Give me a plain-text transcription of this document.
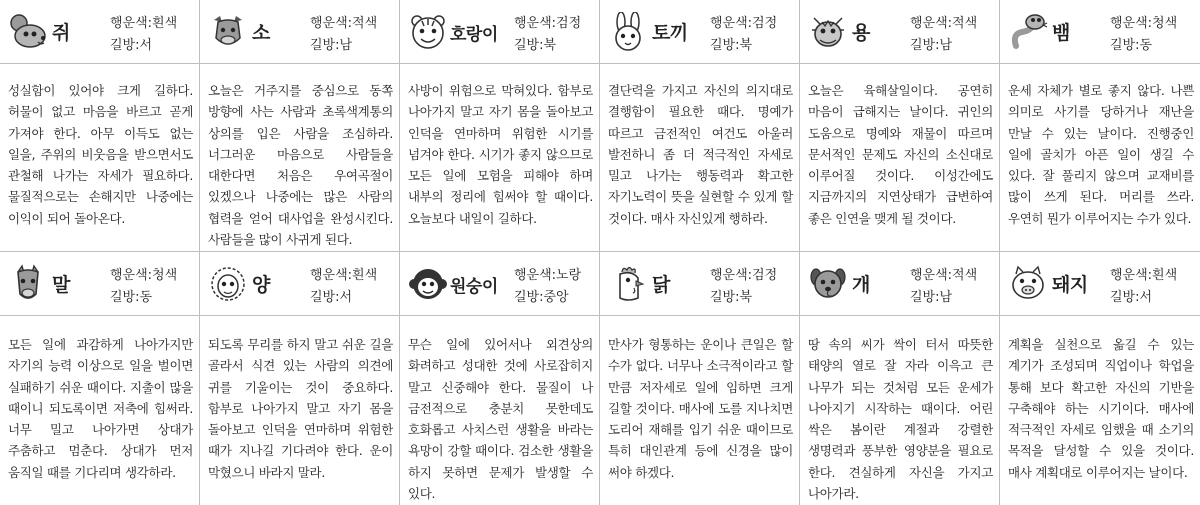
쥐	행운색:흰색
길방:서
성실함이 있어야 크게 길하다. 허물이 없고 마음을 바르고 곧게 가져야 한다. 아무 이득도 없는 일을, 주위의 비웃음을 받으면서도 관철해 나가는 자세가 필요하다. 물질적으로는 손해지만 나중에는 이익이 되어 돌아온다.
소	행운색:적색
길방:남
오늘은 거주지를 중심으로 동쪽 방향에 사는 사람과 초록색계통의 상의를 입은 사람을 조심하라. 너그러운 마음으로 사람들을 대한다면 처음은 우여곡절이 있겠으나 나중에는 많은 사람의 협력을 얻어 대사업을 완성시킨다. 사람들을 많이 사귀게 된다.
호랑이
행운색:검정
길방:북
사방이 위험으로 막혀있다. 함부로 나아가지 말고 자기 몸을 돌아보고 인덕을 연마하며 위험한 시기를 넘겨야 한다. 시기가 좋지 않으므로 모든 일에 모험을 피해야 하며 내부의 정리에 힘써야 할 때이다. 오늘보다 내일이 길하다.
토끼 행운색:검정
길방:북
결단력을 가지고 자신의 의지대로 결행함이 필요한 때다. 명예가 따르고 금전적인 여건도 아울러 발전하니 좀 더 적극적인 자세로 밀고 나가는 행동력과 확고한 자기노력이 뜻을 실현할 수 있게 할 것이다. 매사 자신있게 행하라.
용	행운색:적색
길방:남
오늘은 육해살일이다. 공연히 마음이 급해지는 날이다. 귀인의 도움으로 명예와 재물이 따르며 문서적인 문제도 자신의 소신대로 이루어질 것이다. 이성간에도 지금까지의 지연상태가 급변하여 좋은 인연을 맺게 될 것이다.
뱀	행운색:청색
길방:동
운세 자체가 별로 좋지 않다. 나쁜 의미로 사기를 당하거나 재난을 만날 수 있는 날이다. 진행중인 일에 골치가 아픈 일이 생길 수 있다. 잘 풀리지 않으며 교재비를 많이 쓰게 된다. 머리를 쓰라. 우연히 뭔가 이루어지는 수가 있다.
말	행운색:청색
길방:동
모든 일에 과감하게 나아가지만 자기의 능력 이상으로 일을 벌이면 실패하기 쉬운 때이다. 지출이 많을 때이니 되도록이면 저축에 힘써라. 너무 밀고 나아가면 상대가 주춤하고 멈춘다. 상대가 먼저 움직일 때를 기다리며 생각하라.
양	행운색:흰색
길방:서
되도록 무리를 하지 말고 쉬운 길을 골라서 식견 있는 사람의 의견에 귀를 기울이는 것이 중요하다. 함부로 나아가지 말고 자기 몸을 돌아보고 인덕을 연마하며 위험한 때가 지나길 기다려야 한다. 운이 막혔으니 바라지 말라.
원숭이
행운색:노랑
길방:중앙
무슨 일에 있어서나 외견상의 화려하고 성대한 것에 사로잡히지 말고 신중해야 한다. 물질이 나 금전적으로 충분치 못한데도 호화롭고 사치스런 생활을 바라는 욕망이 강할 때이다. 검소한 생활을 하지 못하면 문제가 발생할 수 있다.
닭	행운색:검정
길방:북
만사가 형통하는 운이나 큰일은 할 수가 없다. 너무나 소극적이라고 할 만큼 저자세로 일에 임하면 크게 길할 것이다. 매사에 도를 지나치면 도리어 재해를 입기 쉬운 때이므로 특히 대인관계 등에 신경을 많이 써야 하겠다.
개	행운색:적색
길방:남
땅 속의 씨가 싹이 터서 따뜻한 태양의 열로 잘 자라 이윽고 큰 나무가 되는 것처럼 모든 운세가 나아지기 시작하는 때이다. 어린 싹은 봄이란 계절과 강렬한 생명력과 풍부한 영양분을 필요로 한다. 견실하게 자신을 가지고 나아가라.
돼지 행운색:흰색
길방:서
계획을 실천으로 옮길 수 있는 계기가 조성되며 직업이나 학업을 통해 보다 확고한 자신의 기반을 구축해야 하는 시기이다. 매사에 적극적인 자세로 임했을 때 소기의 목적을 달성할 수 있을 것이다. 매사 계획대로 이루어지는 날이다.
